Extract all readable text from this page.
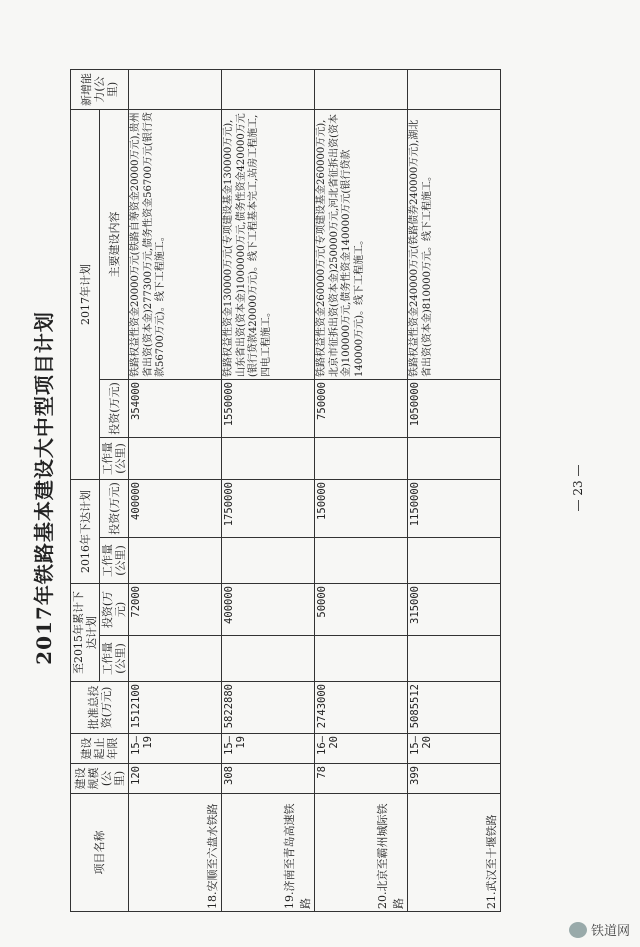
2017年铁路基本建设大中型项目计划
项目名称	建设规模(公里)	建设起止年限	批准总投资(万元)	至2015年累计下达计划		2016年下达计划		2017年计划			新增能力(公里)
				工作量(公里)	投资(万元)	工作量(公里)	投资(万元)	工作量(公里)	投资(万元)	主要建设内容	
18.安顺至六盘水铁路	120	15–19	1512100		72000		400000		354000	铁路权益性资金20000万元(铁路自筹资金20000万元),贵州省出资(资本金)277300万元,债务性资金56700万元(银行贷款56700万元)。线下工程施工。	
19.济南至青岛高速铁路	308	15–19	5822880		400000		1750000		1550000	铁路权益性资金130000万元(专项建设基金130000万元),山东省出资(资本金)1000000万元,债务性资金420000万元(银行贷款420000万元)。线下工程基本完工,站房工程施工,四电工程施工。	
20.北京至霸州城际铁路	78	16–20	2743000		50000		150000		750000	铁路权益性资金260000万元(专项建设基金260000万元),北京市征拆出资(资本金)250000万元,河北省征拆出资(资本金)100000万元,债务性资金140000万元(银行贷款140000万元)。线下工程施工。	
21.武汉至十堰铁路	399	15–20	5085512		315000		1150000		1050000	铁路权益性资金240000万元(铁路债券240000万元),湖北省出资(资本金)810000万元。线下工程施工。	
— 23 —
铁道网
